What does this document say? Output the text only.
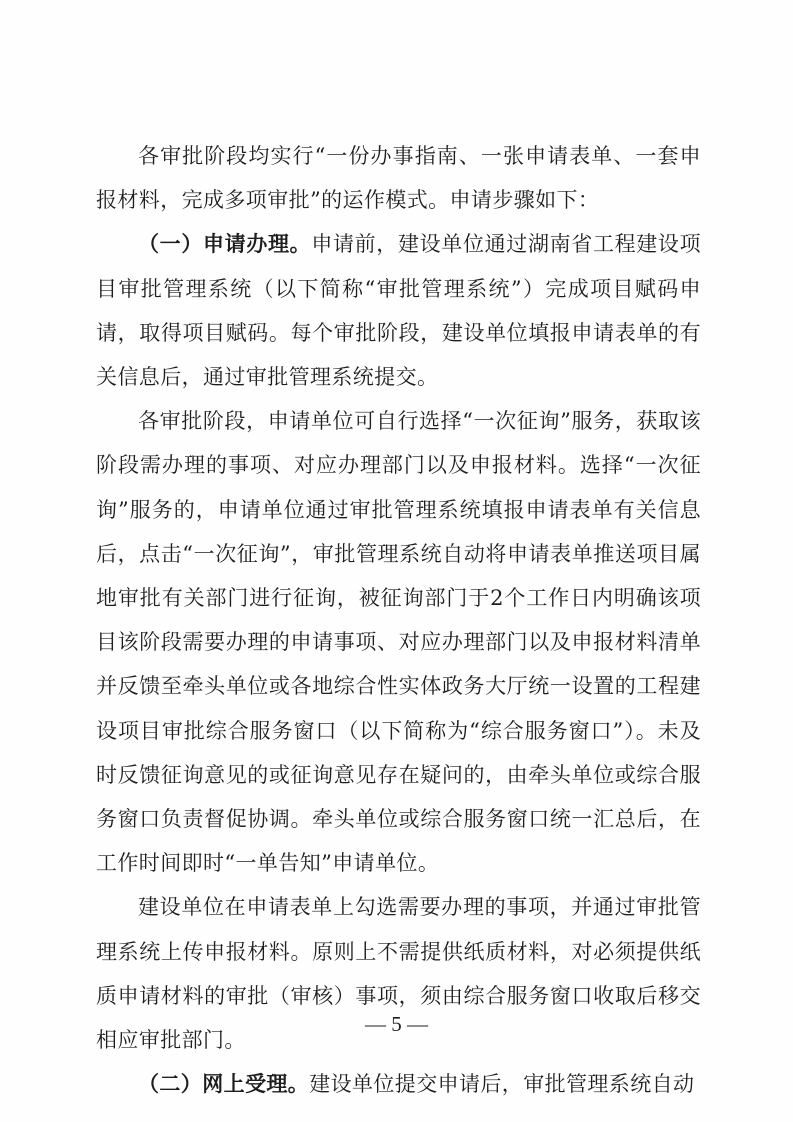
各审批阶段均实行“一份办事指南、一张申请表单、一套申报材料，完成多项审批”的运作模式。申请步骤如下：

（一）申请办理。申请前，建设单位通过湖南省工程建设项目审批管理系统（以下简称“审批管理系统”）完成项目赋码申请，取得项目赋码。每个审批阶段，建设单位填报申请表单的有关信息后，通过审批管理系统提交。

各审批阶段，申请单位可自行选择“一次征询”服务，获取该阶段需办理的事项、对应办理部门以及申报材料。选择“一次征询”服务的，申请单位通过审批管理系统填报申请表单有关信息后，点击“一次征询”，审批管理系统自动将申请表单推送项目属地审批有关部门进行征询，被征询部门于2个工作日内明确该项目该阶段需要办理的申请事项、对应办理部门以及申报材料清单并反馈至牵头单位或各地综合性实体政务大厅统一设置的工程建设项目审批综合服务窗口（以下简称为“综合服务窗口”）。未及时反馈征询意见的或征询意见存在疑问的，由牵头单位或综合服务窗口负责督促协调。牵头单位或综合服务窗口统一汇总后，在工作时间即时“一单告知”申请单位。

建设单位在申请表单上勾选需要办理的事项，并通过审批管理系统上传申报材料。原则上不需提供纸质材料，对必须提供纸质申请材料的审批（审核）事项，须由综合服务窗口收取后移交相应审批部门。

（二）网上受理。建设单位提交申请后，审批管理系统自动

— 5 —
